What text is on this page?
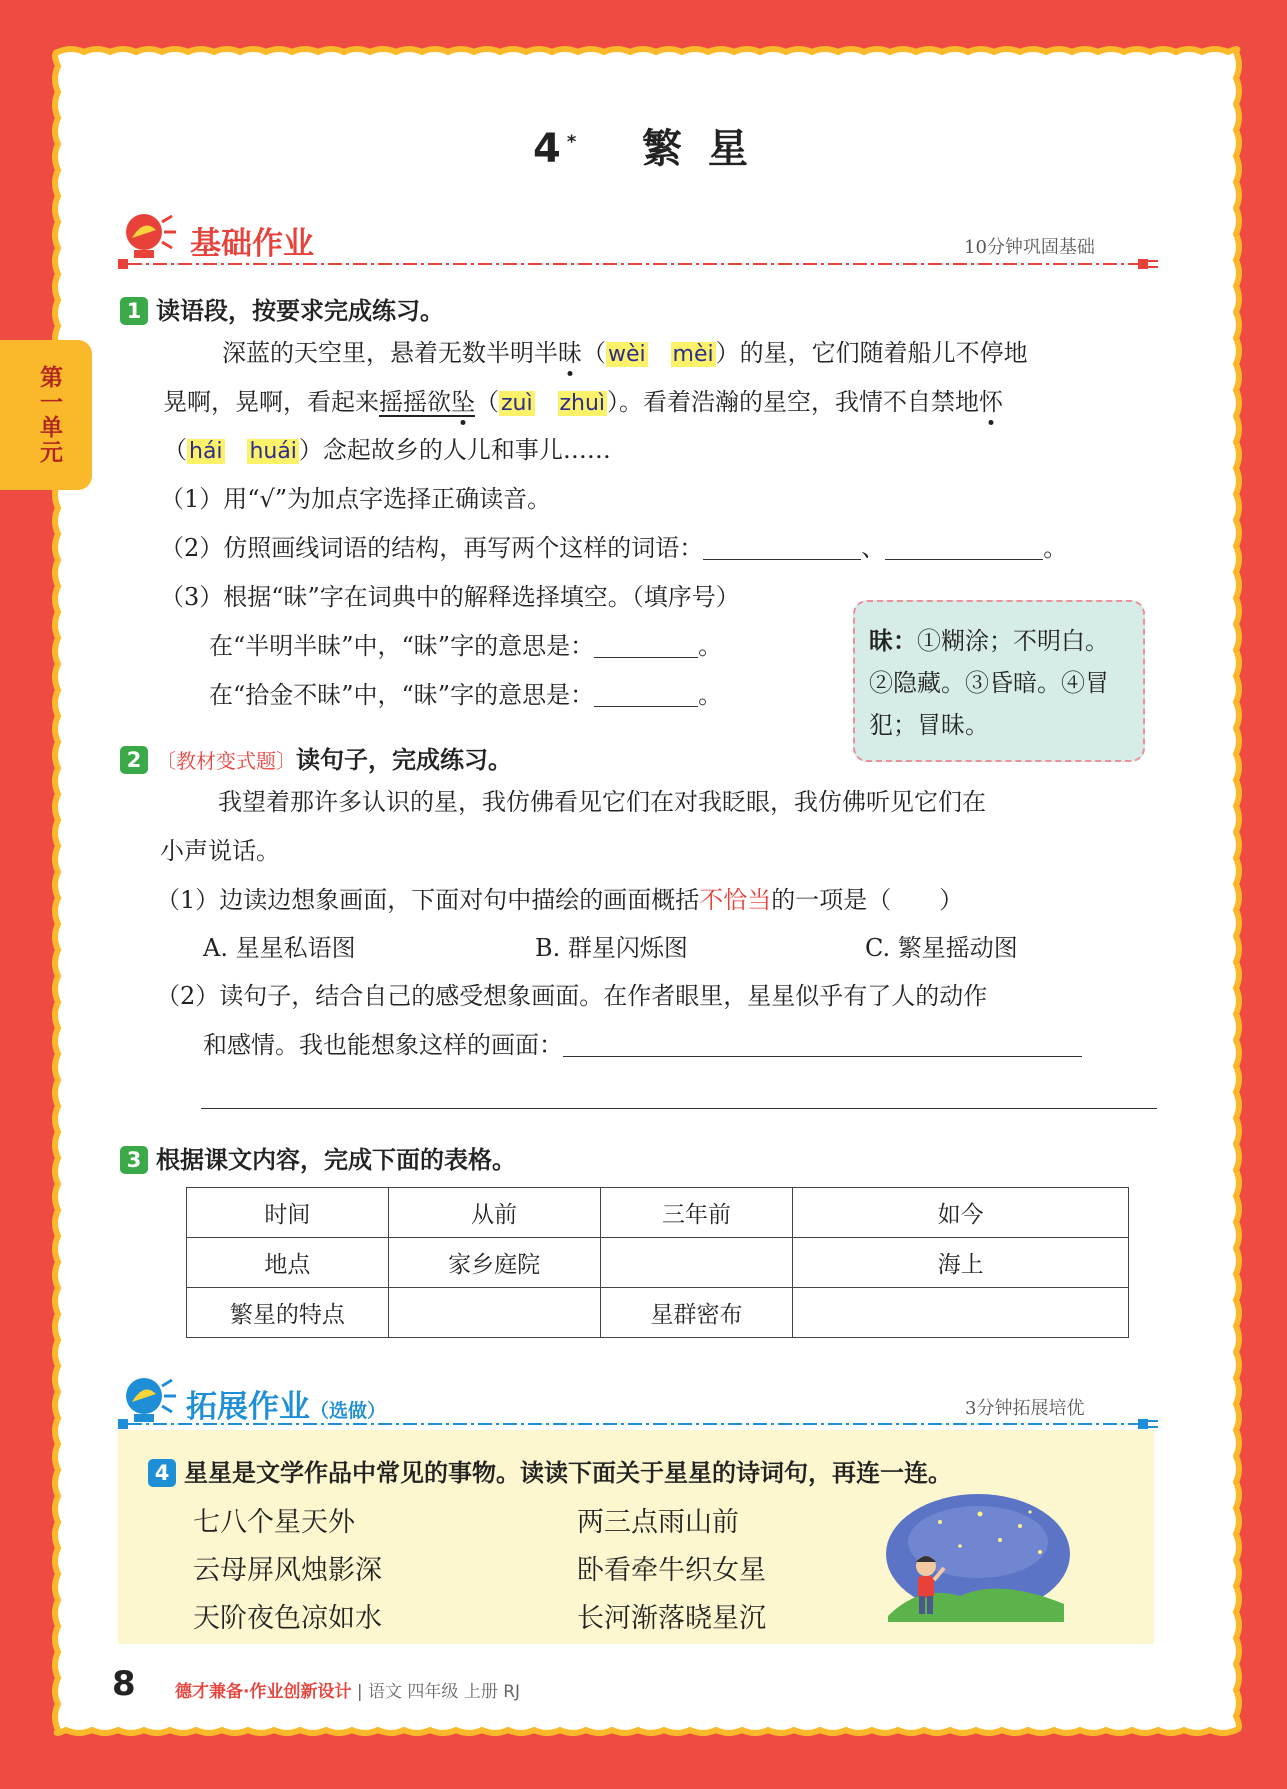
第一单元
4* 繁 星
基础作业	10分钟巩固基础
1 读语段，按要求完成练习。
深蓝的天空里，悬着无数半明半昧（wèi mèi）的星，它们随着船儿不停地
晃啊，晃啊，看起来摇摇欲坠（zuì zhuì）。看着浩瀚的星空，我情不自禁地怀
（hái huái）念起故乡的人儿和事儿……
（1）用“√”为加点字选择正确读音。
（2）仿照画线词语的结构，再写两个这样的词语：	、	。
（3）根据“昧”字在词典中的解释选择填空。（填序号）
在“半明半昧”中，“昧”字的意思是：	。
在“拾金不昧”中，“昧”字的意思是：	。
昧：①糊涂；不明白。
②隐藏。③昏暗。④冒
犯；冒昧。
2 〔教材变式题〕读句子，完成练习。
我望着那许多认识的星，我仿佛看见它们在对我眨眼，我仿佛听见它们在
小声说话。
（1）边读边想象画面，下面对句中描绘的画面概括不恰当的一项是（　　）
A. 星星私语图	B. 群星闪烁图	C. 繁星摇动图
（2）读句子，结合自己的感受想象画面。在作者眼里，星星似乎有了人的动作
和感情。我也能想象这样的画面：
3 根据课文内容，完成下面的表格。
时间	从前	三年前	如今
地点	家乡庭院		海上
繁星的特点		星群密布	
拓展作业（选做）	3分钟拓展培优
4 星星是文学作品中常见的事物。读读下面关于星星的诗词句，再连一连。
七八个星天外
云母屏风烛影深
天阶夜色凉如水
两三点雨山前
卧看牵牛织女星
长河渐落晓星沉
8 德才兼备·作业创新设计 | 语文 四年级 上册 RJ
